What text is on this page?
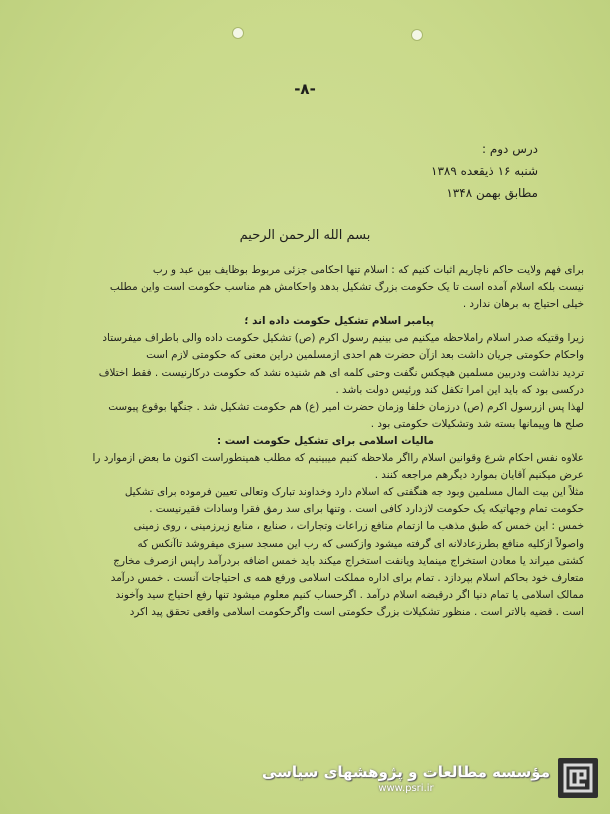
-۸-
درس دوم :
شنبه ۱۶ ذیقعده ۱۳۸۹
مطابق بهمن ۱۳۴۸
بسم الله الرحمن الرحیم
برای فهم ولایت حاکم ناچاریم اثبات کنیم که : اسلام تنها احکامی جزئی مربوط بوظایف بین عبد و رب
نیست بلکه اسلام آمده است تا یک حکومت بزرگ تشکیل بدهد واحکامش هم مناسب حکومت است واین مطلب
خیلی احتیاج به برهان ندارد .
پیامبر اسلام تشکیل حکومت داده اند ؛
زیرا وقتیکه صدر اسلام راملاحظه میکنیم می بینیم رسول اکرم (ص) تشکیل حکومت داده والی باطراف میفرستاد
واحکام حکومتی جریان داشت بعد ازآن حضرت هم احدی ازمسلمین دراین معنی که حکومتی لازم است
تردید نداشت ودربین مسلمین هیچکس نگفت وحتی کلمه ای هم شنیده نشد که حکومت درکارنیست . فقط اختلاف
درکسی بود که باید این امرا تکفل کند ورئیس دولت باشد .
لهذا پس ازرسول اکرم (ص) درزمان خلفا وزمان حضرت امیر (ع) هم حکومت تشکیل شد . جنگها بوقوع پیوست
صلح ها وپیمانها بسته شد وتشکیلات حکومتی بود .
مالیات اسلامی برای تشکیل حکومت است :
علاوه نفس احکام شرع وقوانین اسلام رااگر ملاحظه کنیم میبینیم که مطلب همینطوراست اکنون ما بعض ازموارد را
عرض میکنیم آقایان بموارد دیگرهم مراجعه کنند .
مثلاً این بیت المال مسلمین وبود جه هنگفتی که اسلام دارد وخداوند تبارک وتعالی تعیین فرموده برای تشکیل
حکومت تمام وجهاتیکه یک حکومت لازدارد کافی است . وتنها برای سد رمق فقرا وسادات فقیرنیست .
خمس : این خمس که طبق مذهب ما ازتمام منافع زراعات وتجارات ، صنایع ، منابع زیرزمینی ، روی زمینی
واصولاً ازکلیه منافع بطرزعادلانه ای گرفته میشود وازکسی که رب این مسجد سبزی میفروشد تاآنکس که
کشتی میراند یا معادن استخراج مینماید ویانفت استخراج میکند باید خمس اضافه بردرآمد راپس ازصرف مخارج
متعارف خود بحاکم اسلام بپردازد . تمام برای اداره مملکت اسلامی ورفع همه ی احتیاجات آنست . خمس درآمد
ممالک اسلامی یا تمام دنیا اگر درقبضه اسلام درآمد . اگرحساب کنیم معلوم میشود تنها رفع احتیاج سید وآخوند
است . قضیه بالاتر است . منظور تشکیلات بزرگ حکومتی است واگرحکومت اسلامی واقعی تحقق پید اکرد
مؤسسه مطالعات و پژوهشهای سیاسی
www.psri.ir
